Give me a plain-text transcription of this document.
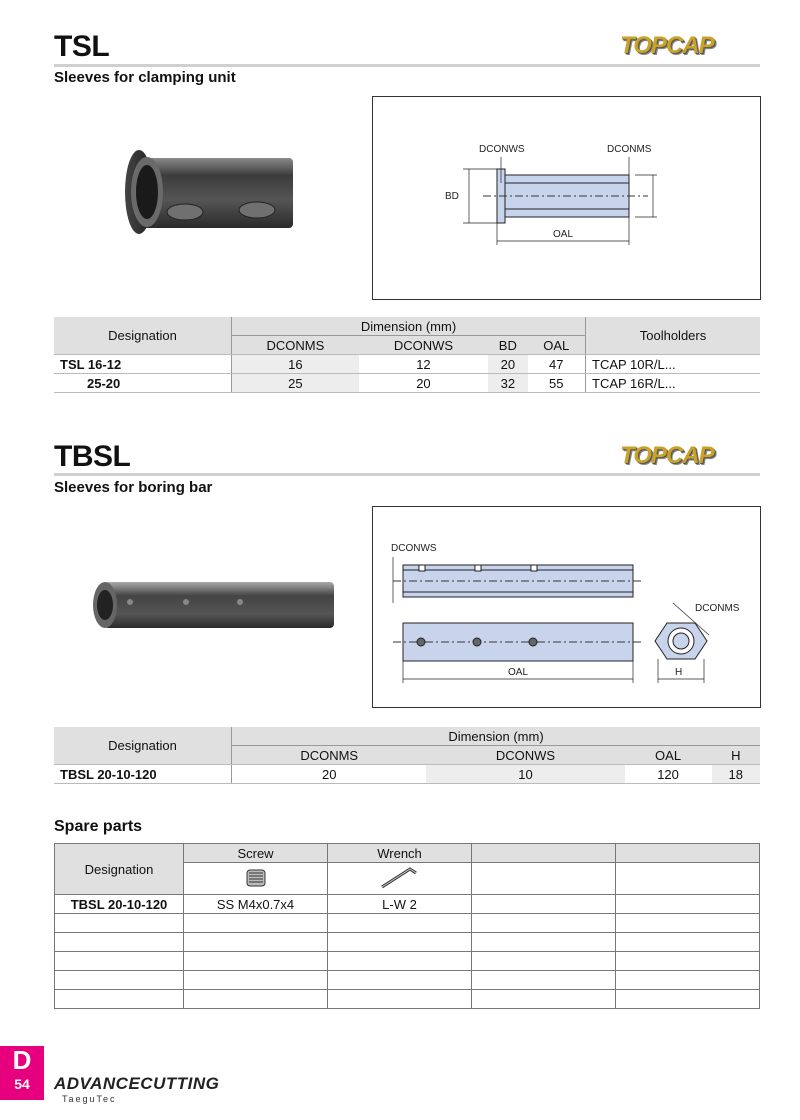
TSL	TOPCAP
Sleeves for clamping unit
DCONWS	DCONMS
BD
OAL
Designation	Dimension (mm)				Toolholders
	DCONMS	DCONWS	BD	OAL	
TSL 16-12	16	12	20	47	TCAP 10R/L...
25-20	25	20	32	55	TCAP 16R/L...
TBSL	TOPCAP
Sleeves for boring bar
DCONWS
OAL
DCONMS
H
Designation	Dimension (mm)			
	DCONMS	DCONWS	OAL	H
TBSL 20-10-120	20	10	120	18
Spare parts
Designation	Screw	Wrench		

TBSL 20-10-120	SS M4x0.7x4	L-W 2		

D
54	ADVANCECUTTING
TaeguTec
